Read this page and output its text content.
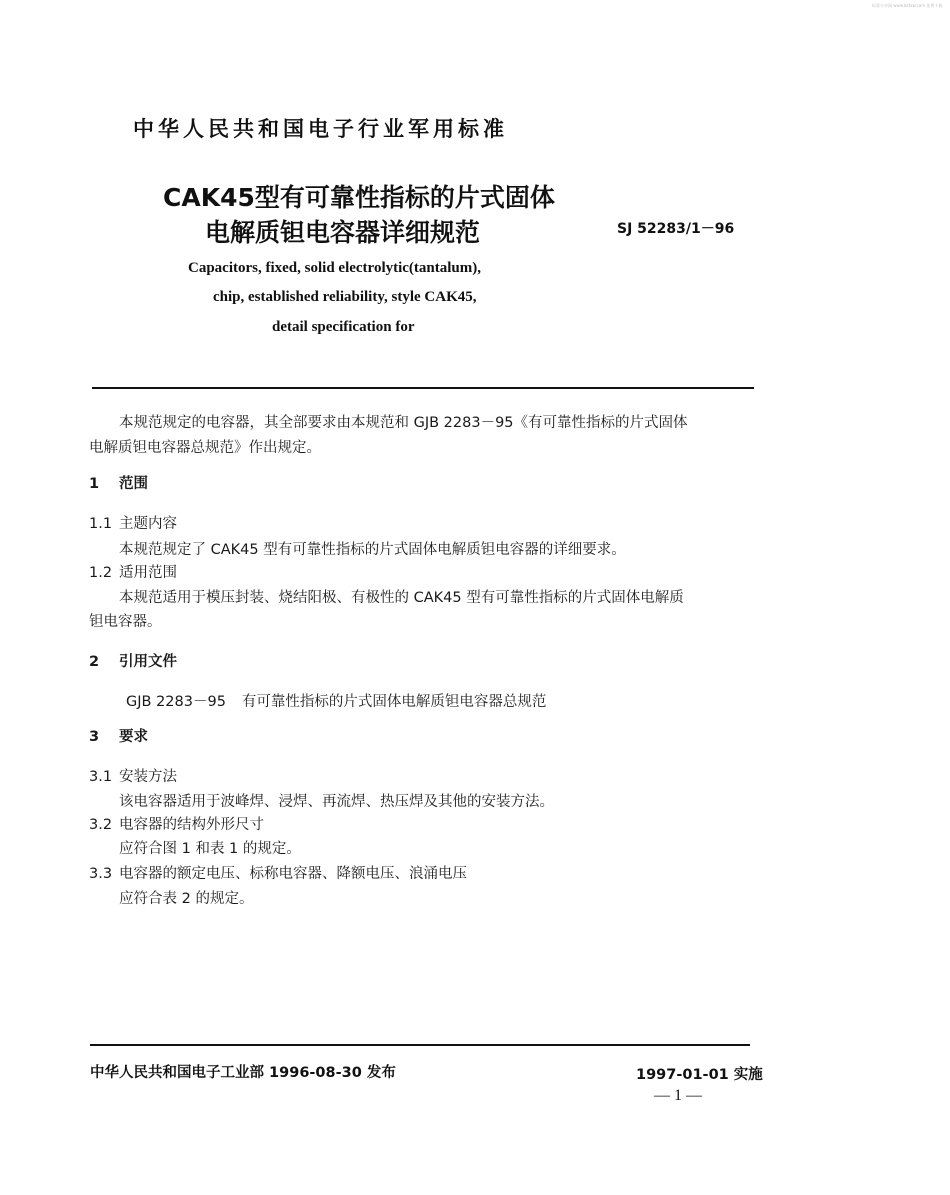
标准分享网 www.bzfxw.com 免费下载
中华人民共和国电子行业军用标准
CAK45型有可靠性指标的片式固体
电解质钽电容器详细规范	SJ 52283/1－96
Capacitors, fixed, solid electrolytic(tantalum),
chip, established reliability, style CAK45,
detail specification for
本规范规定的电容器，其全部要求由本规范和 GJB 2283－95《有可靠性指标的片式固体
电解质钽电容器总规范》作出规定。
1 范围
1.1 主题内容
本规范规定了 CAK45 型有可靠性指标的片式固体电解质钽电容器的详细要求。
1.2 适用范围
本规范适用于模压封装、烧结阳极、有极性的 CAK45 型有可靠性指标的片式固体电解质
钽电容器。
2 引用文件
GJB 2283－95 有可靠性指标的片式固体电解质钽电容器总规范
3 要求
3.1 安装方法
该电容器适用于波峰焊、浸焊、再流焊、热压焊及其他的安装方法。
3.2 电容器的结构外形尺寸
应符合图 1 和表 1 的规定。
3.3 电容器的额定电压、标称电容器、降额电压、浪涌电压
应符合表 2 的规定。
中华人民共和国电子工业部 1996-08-30 发布	1997-01-01 实施
— 1 —
